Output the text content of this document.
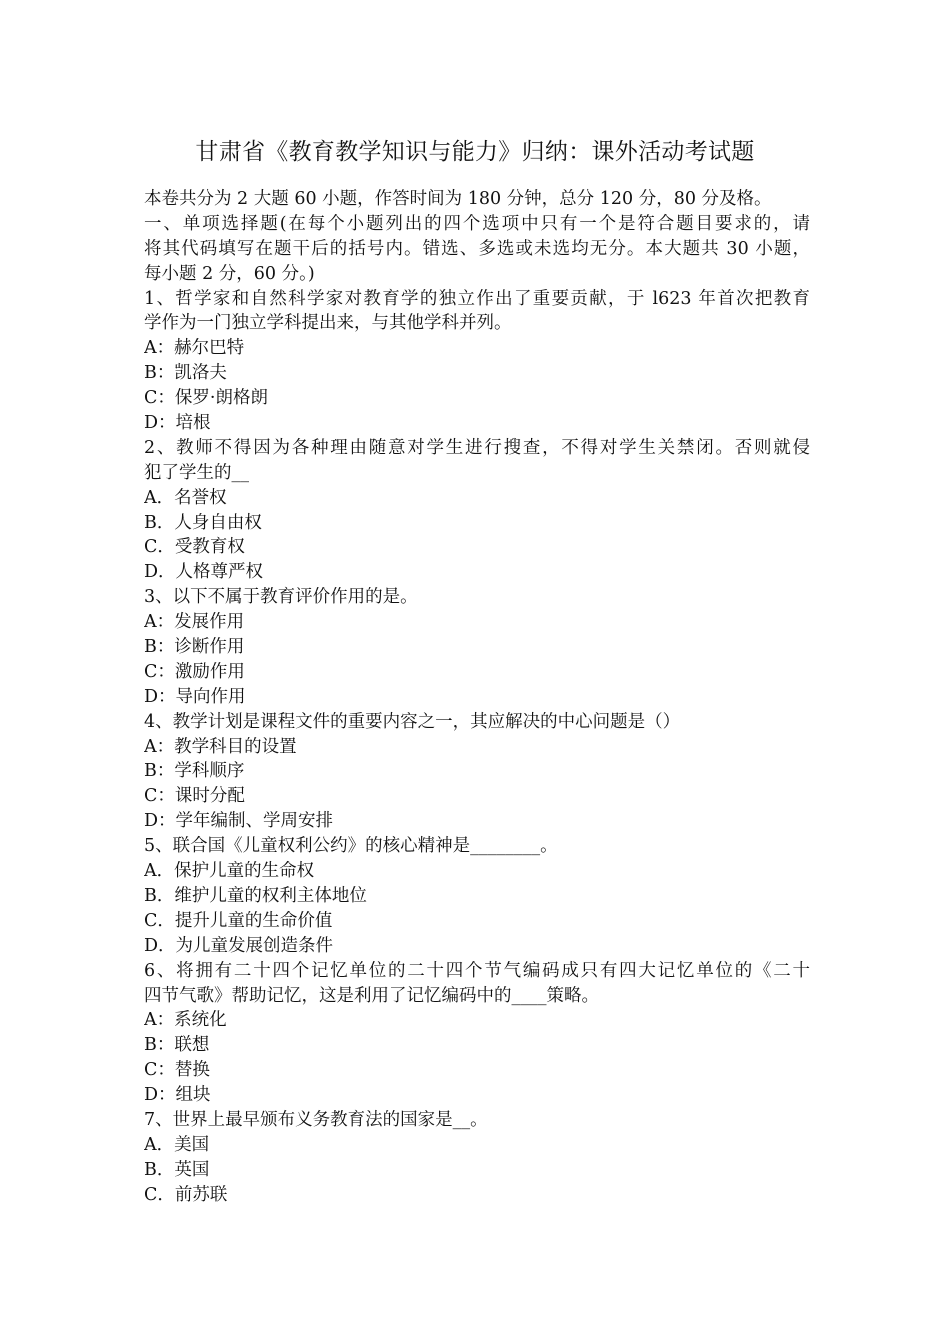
甘肃省《教育教学知识与能力》归纳：课外活动考试题
本卷共分为 2 大题 60 小题，作答时间为 180 分钟，总分 120 分，80 分及格。
一、单项选择题(在每个小题列出的四个选项中只有一个是符合题目要求的，请
将其代码填写在题干后的括号内。错选、多选或未选均无分。本大题共 30 小题，
每小题 2 分，60 分。)
1、哲学家和自然科学家对教育学的独立作出了重要贡献，于 l623 年首次把教育
学作为一门独立学科提出来，与其他学科并列。
A：赫尔巴特
B：凯洛夫
C：保罗·朗格朗
D：培根
2、教师不得因为各种理由随意对学生进行搜查，不得对学生关禁闭。否则就侵
犯了学生的__
A．名誉权
B．人身自由权
C．受教育权
D．人格尊严权
3、以下不属于教育评价作用的是。
A：发展作用
B：诊断作用
C：激励作用
D：导向作用
4、教学计划是课程文件的重要内容之一，其应解决的中心问题是（）
A：教学科目的设置
B：学科顺序
C：课时分配
D：学年编制、学周安排
5、联合国《儿童权利公约》的核心精神是________。
A．保护儿童的生命权
B．维护儿童的权利主体地位
C．提升儿童的生命价值
D．为儿童发展创造条件
6、将拥有二十四个记忆单位的二十四个节气编码成只有四大记忆单位的《二十
四节气歌》帮助记忆，这是利用了记忆编码中的____策略。
A：系统化
B：联想
C：替换
D：组块
7、世界上最早颁布义务教育法的国家是__。
A．美国
B．英国
C．前苏联
